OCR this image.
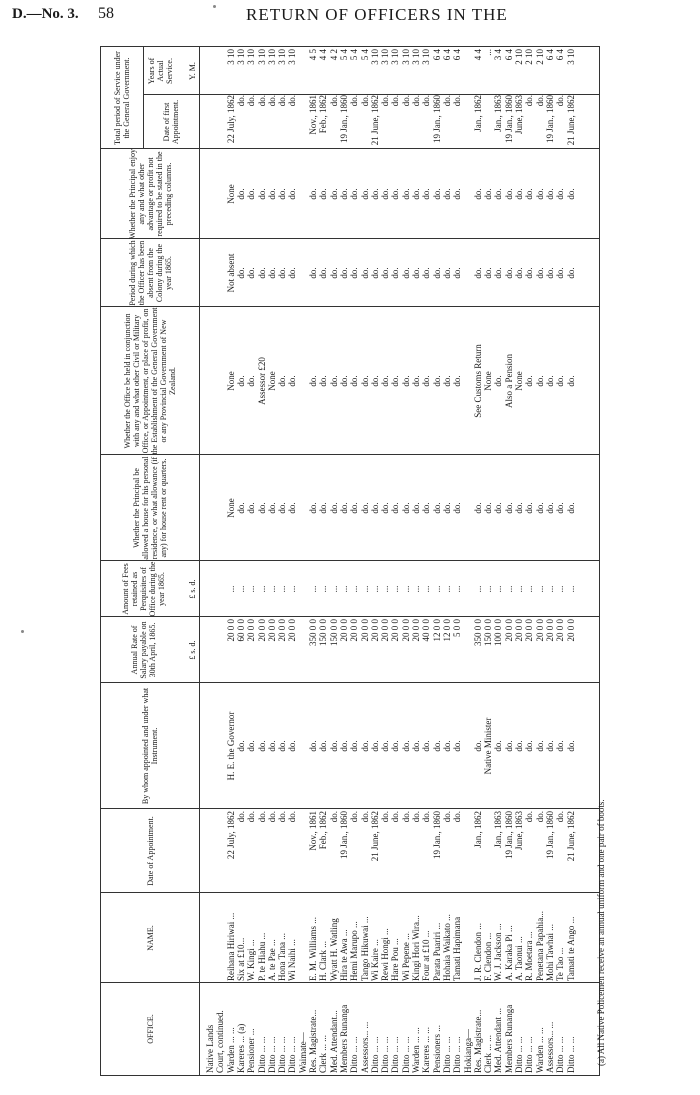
D.—No. 3. 58	RETURN OF OFFICERS IN THE
OFFICE.
NAME.
Date of Appointment.
By whom appointed and under what Instrument.
Annual Rate of Salary payable on 30th April, 1865.
Amount of Fees retained as Perquisites of Office during the year 1865.
Whether the Principal be allowed a house for his personal residence, or what allowance (if any) for house rent or quarters.
Whether the Office be held in conjunction with any and what other Civil or Military Office, or Appointment, or place of profit, on the Establishment of the General Government or any Provincial Government of New Zealand.
Period during which the Officer has been absent from the Colony during the year 1865.
Whether the Principal enjoy any and what other advantage or profit not required to be stated in the preceding columns.
Total period of Service under the General Government.	Date of first Appointment.
Years of Actual Service.
£ s. d.
£ s. d.
Y. M.
Native Lands Court, continued. Warden ... ...
Reihana Hiriwai ...
22 July, 1862
H. E. the Governor
20 0 0
...
None
None
Not absent
None
22 July, 1862
3 10
Kareres ... (a)
Six at £10...
do.
do.
60 0 0
...
do.
do.
do.
do.
do.
3 10
Pensioner ...
W. Kingi ...
do.
do.
20 0 0
...
do.
do.
do.
do.
do.
3 10
Ditto ... ...
P. te Hiahu ...
do.
do.
20 0 0
...
do.
Assessor £20
do.
do.
do.
3 10
Ditto ... ...
A. te Pae ...
do.
do.
20 0 0
...
do.
None
do.
do.
do.
3 10
Ditto ... ...
Hona Tana ...
do.
do.
20 0 0
...
do.
do.
do.
do.
do.
3 10
Ditto ... ...
Wi Naihi ...
do.
do.
20 0 0
...
do.
do.
do.
do.
do.
3 10
Waimate— Res. Magistrate...
E. M. Williams ...
Nov., 1861
do.
350 0 0
...
do.
do.
do.
do.
Nov., 1861
4 5
Clerk ... ...
H. Clark ...
Feb., 1862
do.
150 0 0
...
do.
do.
do.
do.
Feb., 1862
4 4
Med. Attendant...
Wyatt H. Watling
do.
do.
150 0 0
...
do.
do.
do.
do.
do.
4 2
Members Runanga
Hira te Awa ...
19 Jan., 1860
do.
20 0 0
...
do.
do.
do.
do.
19 Jan., 1860
5 4
Ditto ... ...
Hemi Marupo ...
do.
do.
20 0 0
...
do.
do.
do.
do.
do.
5 4
Assessors... ...
Tango Hikuwai ...
do.
do.
20 0 0
...
do.
do.
do.
do.
do.
5 4
Ditto ... ...
Wi Kaire ...
21 June, 1862
do.
20 0 0
...
do.
do.
do.
do.
21 June, 1862
3 10
Ditto ... ...
Rewi Hongi ...
do.
do.
20 0 0
...
do.
do.
do.
do.
do.
3 10
Ditto ... ...
Hare Pou ...
do.
do.
20 0 0
...
do.
do.
do.
do.
do.
3 10
Ditto ... ...
Wi Pepene ...
do.
do.
20 0 0
...
do.
do.
do.
do.
do.
3 10
Warden ... ...
Kingi Hori Wira...
do.
do.
20 0 0
...
do.
do.
do.
do.
do.
3 10
Kareres ... ...
Four at £10 ...
do.
do.
40 0 0
...
do.
do.
do.
do.
do.
3 10
Pensioners ...
Parata Puariri ...
19 Jan., 1860
do.
12 0 0
...
do.
do.
do.
do.
19 Jan., 1860
6 4
Ditto ... ...
Hohaia Waikato ...
do.
do.
12 0 0
...
do.
do.
do.
do.
do.
6 4
Ditto ... ...
Tamati Hapimana
do.
do.
5 0 0
...
do.
do.
do.
do.
do.
6 4
Hokianga— Res. Magistrate...
J. R. Clendon ...
Jan., 1862
do.
350 0 0
...
do.
See Customs Return
do.
do.
Jan., 1862
4 4
Clerk ... ...
F. Clendon ...
Native Minister
150 0 0
...
do.
None
do.
do.
...
Med. Attendant ...
W. J. Jackson ...
Jan., 1863
do.
100 0 0
...
do.
do.
do.
do.
Jan., 1863
3 4
Members Runanga
A. Karaka Pi ...
19 Jan., 1860
do.
20 0 0
...
do.
Also a Pension
do.
do.
19 Jan., 1860
6 4
Ditto ... ...
A. Taonui ...
June, 1863
do.
20 0 0
...
do.
None
do.
do.
June, 1863
2 10
Ditto ... ...
R. Moetara ...
do.
do.
20 0 0
...
do.
do.
do.
do.
do.
2 10
Warden ... ...
Penetana Papahia...
do.
do.
20 0 0
...
do.
do.
do.
do.
do.
2 10
Assessors... ...
Mohi Tawhai ...
19 Jan., 1860
do.
20 0 0
...
do.
do.
do.
do.
19 Jan., 1860
6 4
Ditto ... ...
Te Tao ...
do.
do.
20 0 0
...
do.
do.
do.
do.
do.
6 4
Ditto ... ...
Tamati te Ango ...
21 June, 1862
do.
20 0 0
...
do.
do.
do.
do.
21 June, 1862
3 10
(a) All Native Policemen receive an annual uniform and one pair of boots.
